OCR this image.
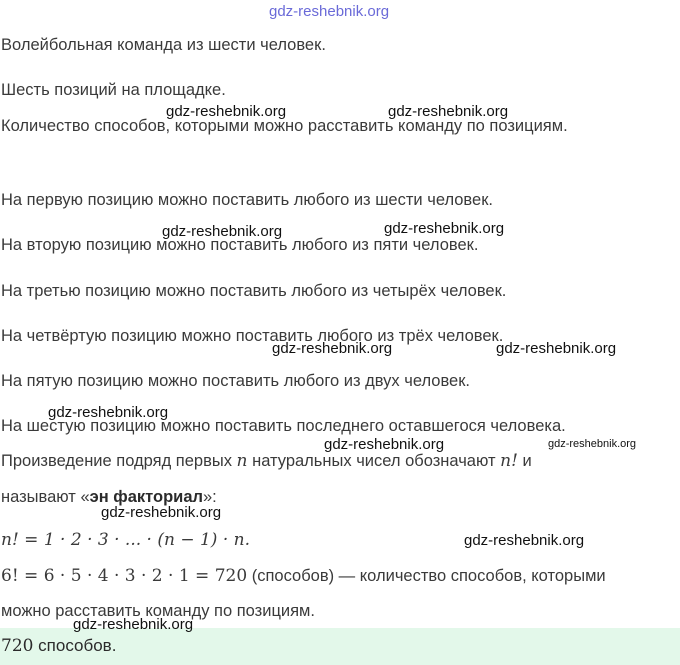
Волейбольная команда из шести человек.
Шесть позиций на площадке.
Количество способов, которыми можно расставить команду по позициям.
На первую позицию можно поставить любого из шести человек.
На вторую позицию можно поставить любого из пяти человек.
На третью позицию можно поставить любого из четырёх человек.
На четвёртую позицию можно поставить любого из трёх человек.
На пятую позицию можно поставить любого из двух человек.
На шестую позицию можно поставить последнего оставшегося человека.
Произведение подряд первых n натуральных чисел обозначают n! и
называют «эн факториал»:
n! = 1 · 2 · 3 · ... · (n − 1) · n.
6! = 6 · 5 · 4 · 3 · 2 · 1 = 720 (способов) — количество способов, которыми
можно расставить команду по позициям.
720 способов.
gdz-reshebnik.org
gdz-reshebnik.org	gdz-reshebnik.org
gdz-reshebnik.org	gdz-reshebnik.org
gdz-reshebnik.org	gdz-reshebnik.org
gdz-reshebnik.org
gdz-reshebnik.org	gdz-reshebnik.org
gdz-reshebnik.org
gdz-reshebnik.org
gdz-reshebnik.org
